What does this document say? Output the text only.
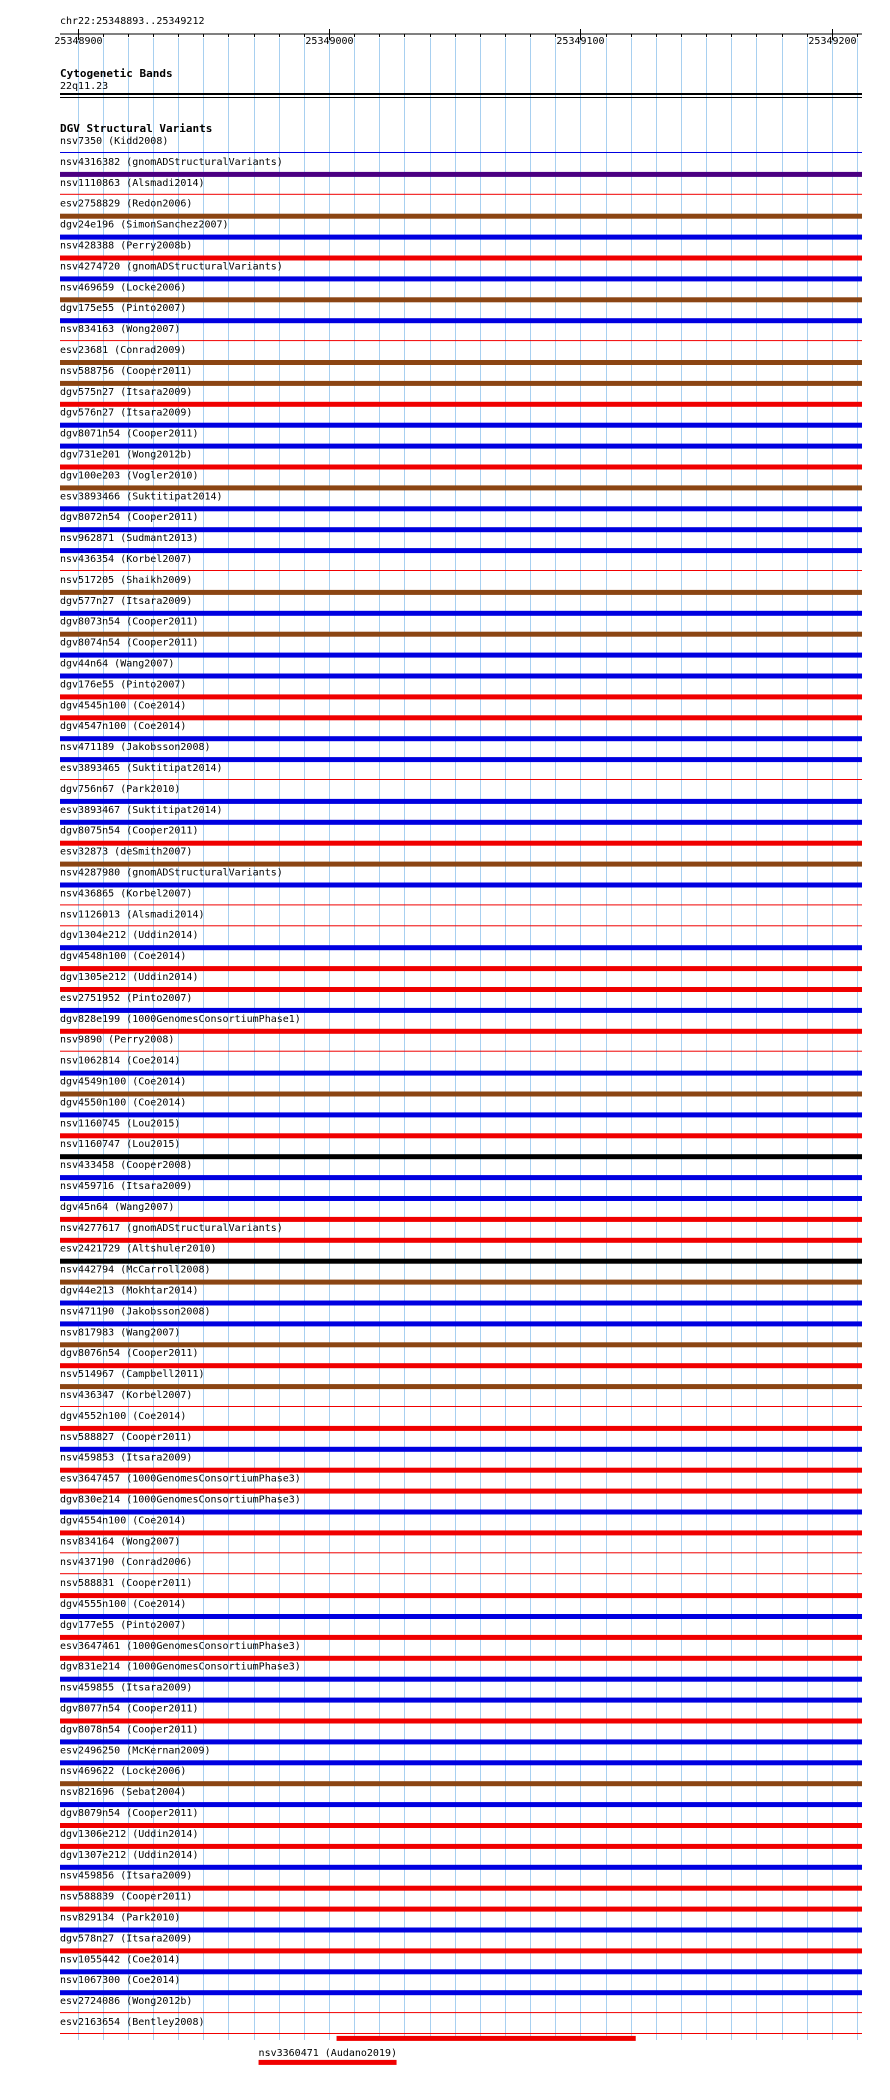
chr22:25348893..25349212
25348900	25349000	25349100	25349200
Cytogenetic Bands
22q11.23
DGV Structural Variants
nsv7350 (Kidd2008)
nsv4316382 (gnomADStructuralVariants)
nsv1110863 (Alsmadi2014)
esv2758829 (Redon2006)
dgv24e196 (SimonSanchez2007)
nsv428388 (Perry2008b)
nsv4274720 (gnomADStructuralVariants)
nsv469659 (Locke2006)
dgv175e55 (Pinto2007)
nsv834163 (Wong2007)
esv23681 (Conrad2009)
nsv588756 (Cooper2011)
dgv575n27 (Itsara2009)
dgv576n27 (Itsara2009)
dgv8071n54 (Cooper2011)
dgv731e201 (Wong2012b)
dgv100e203 (Vogler2010)
esv3893466 (Suktitipat2014)
dgv8072n54 (Cooper2011)
nsv962871 (Sudmant2013)
nsv436354 (Korbel2007)
nsv517205 (Shaikh2009)
dgv577n27 (Itsara2009)
dgv8073n54 (Cooper2011)
dgv8074n54 (Cooper2011)
dgv44n64 (Wang2007)
dgv176e55 (Pinto2007)
dgv4545n100 (Coe2014)
dgv4547n100 (Coe2014)
nsv471189 (Jakobsson2008)
esv3893465 (Suktitipat2014)
dgv756n67 (Park2010)
esv3893467 (Suktitipat2014)
dgv8075n54 (Cooper2011)
esv32873 (deSmith2007)
nsv4287980 (gnomADStructuralVariants)
nsv436865 (Korbel2007)
nsv1126013 (Alsmadi2014)
dgv1304e212 (Uddin2014)
dgv4548n100 (Coe2014)
dgv1305e212 (Uddin2014)
esv2751952 (Pinto2007)
dgv828e199 (1000GenomesConsortiumPhase1)
nsv9890 (Perry2008)
nsv1062814 (Coe2014)
dgv4549n100 (Coe2014)
dgv4550n100 (Coe2014)
nsv1160745 (Lou2015)
nsv1160747 (Lou2015)
nsv433458 (Cooper2008)
nsv459716 (Itsara2009)
dgv45n64 (Wang2007)
nsv4277617 (gnomADStructuralVariants)
esv2421729 (Altshuler2010)
nsv442794 (McCarroll2008)
dgv44e213 (Mokhtar2014)
nsv471190 (Jakobsson2008)
nsv817983 (Wang2007)
dgv8076n54 (Cooper2011)
nsv514967 (Campbell2011)
nsv436347 (Korbel2007)
dgv4552n100 (Coe2014)
nsv588827 (Cooper2011)
nsv459853 (Itsara2009)
esv3647457 (1000GenomesConsortiumPhase3)
dgv830e214 (1000GenomesConsortiumPhase3)
dgv4554n100 (Coe2014)
nsv834164 (Wong2007)
nsv437190 (Conrad2006)
nsv588831 (Cooper2011)
dgv4555n100 (Coe2014)
dgv177e55 (Pinto2007)
esv3647461 (1000GenomesConsortiumPhase3)
dgv831e214 (1000GenomesConsortiumPhase3)
nsv459855 (Itsara2009)
dgv8077n54 (Cooper2011)
dgv8078n54 (Cooper2011)
esv2496250 (McKernan2009)
nsv469622 (Locke2006)
nsv821696 (Sebat2004)
dgv8079n54 (Cooper2011)
dgv1306e212 (Uddin2014)
dgv1307e212 (Uddin2014)
nsv459856 (Itsara2009)
nsv588839 (Cooper2011)
nsv829134 (Park2010)
dgv578n27 (Itsara2009)
nsv1055442 (Coe2014)
nsv1067300 (Coe2014)
esv2724086 (Wong2012b)
esv2163654 (Bentley2008)
nsv3360471 (Audano2019)
